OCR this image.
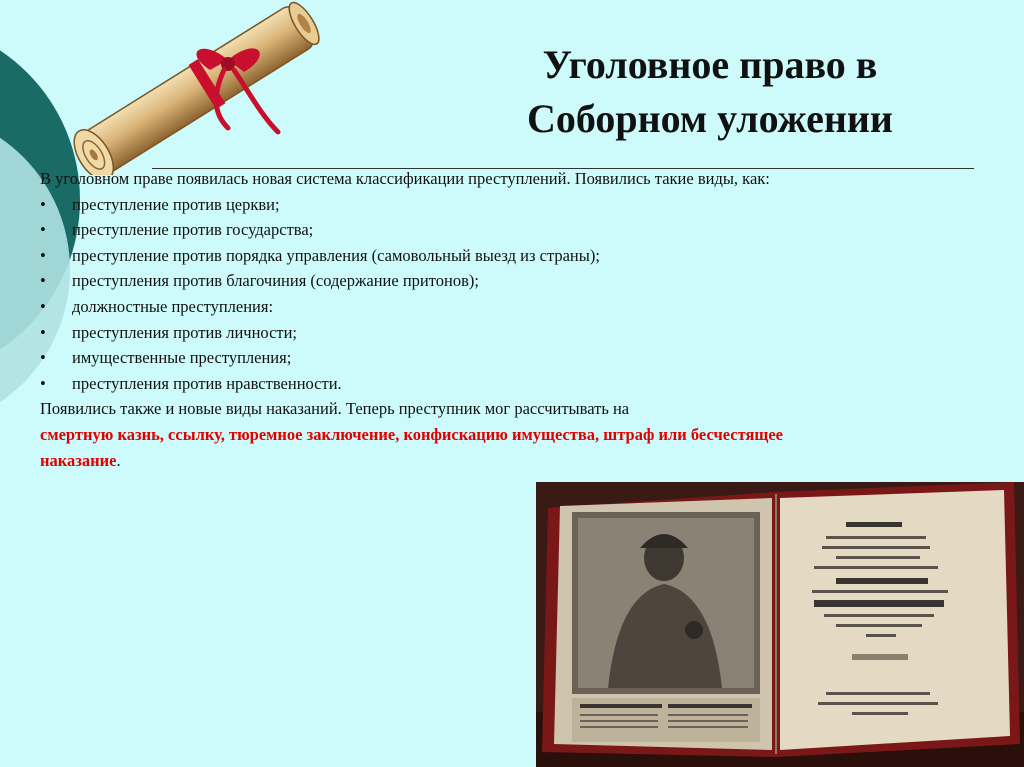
Уголовное право в
Соборном уложении

В уголовном праве появилась новая система классификации преступлений. Появились такие виды, как:

• преступление против церкви;
• преступление против государства;
• преступление против порядка управления (самовольный выезд из страны);
• преступления против благочиния (содержание притонов);
• должностные преступления:
• преступления против личности;
• имущественные преступления;
• преступления против нравственности.

Появились также и новые виды наказаний. Теперь преступник мог рассчитывать на
смертную казнь, ссылку, тюремное заключение, конфискацию имущества, штраф или бесчестящее наказание.
